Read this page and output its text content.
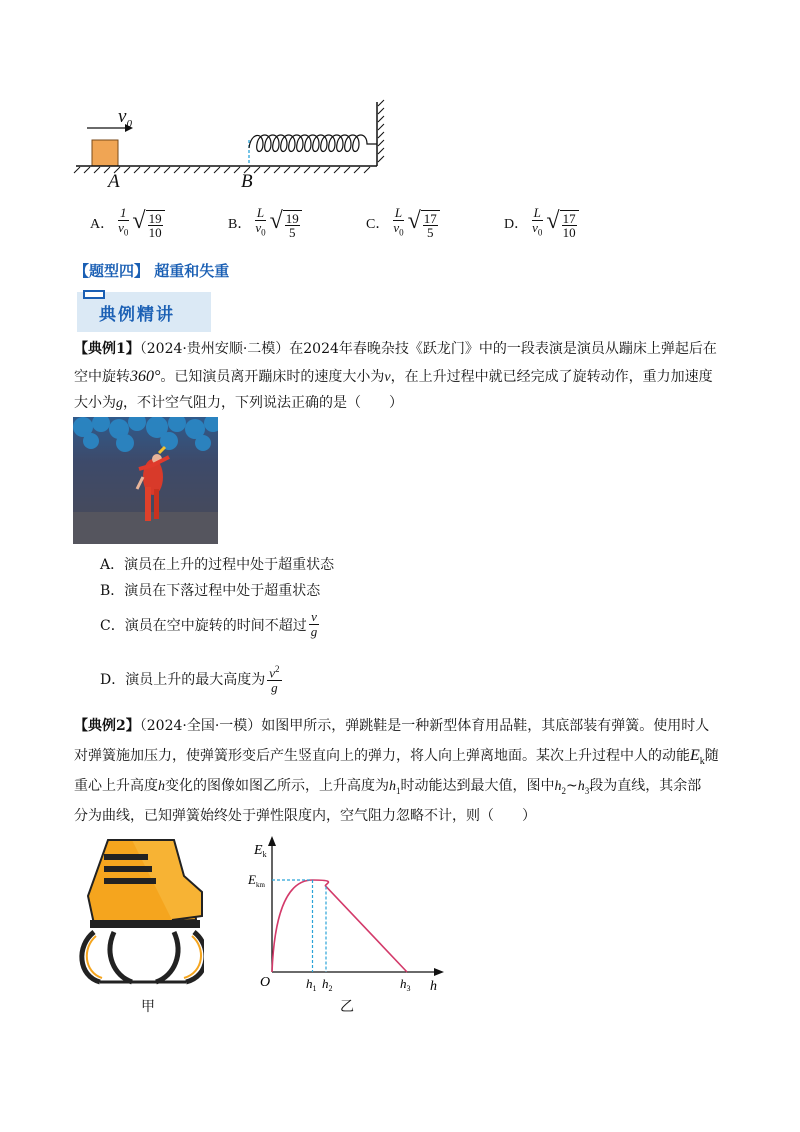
$v_0$
A	B
A． $\frac{1}{v_0}$ √ 19
10
B． $\frac{L}{v_0}$ √ 19
5
C． $\frac{L}{v_0}$ √ 17
5
D． $\frac{L}{v_0}$ √ 17
10
【题型四】 超重和失重
典例精讲
【典例1】（2024·贵州安顺·二模）在2024年春晚杂技《跃龙门》中的一段表演是演员从蹦床上弹起后在
空中旋转360°。已知演员离开蹦床时的速度大小为v，在上升过程中就已经完成了旋转动作，重力加速度
大小为g，不计空气阻力，下列说法正确的是（　　）
A．演员在上升的过程中处于超重状态
B．演员在下落过程中处于超重状态
C．演员在空中旋转的时间不超过 $\frac{v}{g}$
D．演员上升的最大高度为 $\frac{v^2}{g}$
【典例2】（2024·全国·一模）如图甲所示，弹跳鞋是一种新型体育用品鞋，其底部装有弹簧。使用时人
对弹簧施加压力，使弹簧形变后产生竖直向上的弹力，将人向上弹离地面。某次上升过程中人的动能$E_k$随
重心上升高度h变化的图像如图乙所示，上升高度为$h_1$时动能达到最大值，图中$h_2\sim h_3$段为直线，其余部
分为曲线，已知弹簧始终处于弹性限度内，空气阻力忽略不计，则（　　）
甲
$E_k$
$E_{km}$
O	h
$h_1$ $h_2$	$h_3$
乙
